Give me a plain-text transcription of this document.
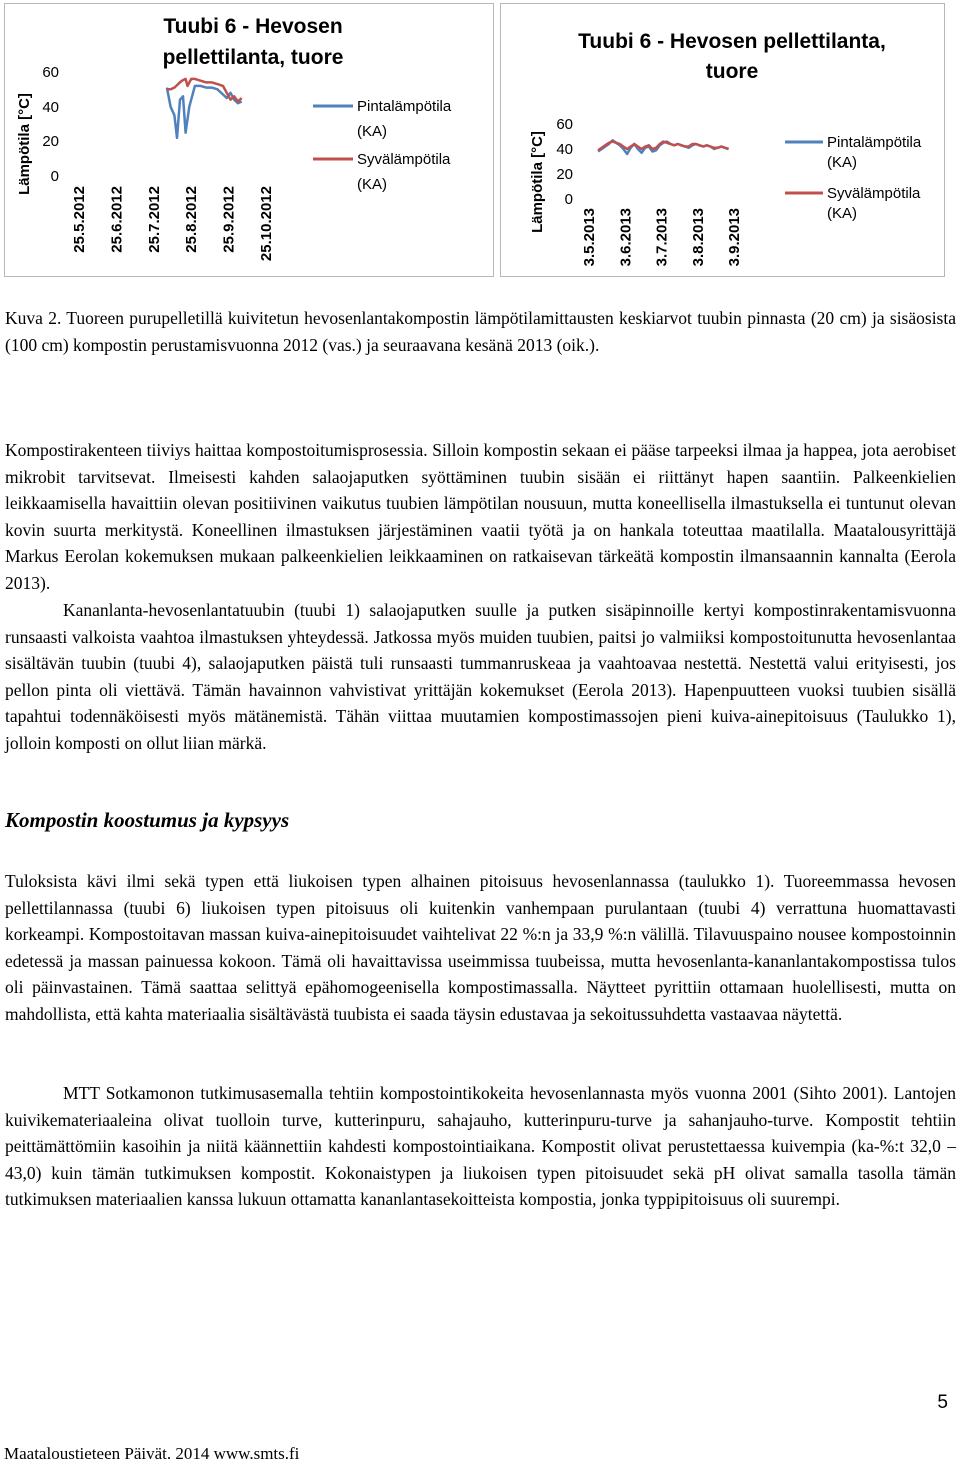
Tuubi 6 - Hevosen
pellettilanta, tuore
Lämpötila [°C]
60
40
20
0
25.5.2012 25.6.2012 25.7.2012 25.8.2012 25.9.2012 25.10.2012
Pintalämpötila
(KA)
Syvälämpötila
(KA)
Tuubi 6 - Hevosen pellettilanta,
tuore
Lämpötila [°C]
60
40
20
0
3.5.2013 3.6.2013 3.7.2013 3.8.2013 3.9.2013
Pintalämpötila
(KA)
Syvälämpötila
(KA)

Kuva 2. Tuoreen purupelletillä kuivitetun hevosenlantakompostin lämpötilamittausten keskiarvot tuubin pinnasta (20 cm) ja sisäosista (100 cm) kompostin perustamisvuonna 2012 (vas.) ja seuraavana kesänä 2013 (oik.).

Kompostirakenteen tiiviys haittaa kompostoitumisprosessia. Silloin kompostin sekaan ei pääse tarpeeksi ilmaa ja happea, jota aerobiset mikrobit tarvitsevat. Ilmeisesti kahden salaojaputken syöttäminen tuubin sisään ei riittänyt hapen saantiin. Palkeenkielien leikkaamisella havaittiin olevan positiivinen vaikutus tuubien lämpötilan nousuun, mutta koneellisella ilmastuksella ei tuntunut olevan kovin suurta merkitystä. Koneellinen ilmastuksen järjestäminen vaatii työtä ja on hankala toteuttaa maatilalla. Maatalousyrittäjä Markus Eerolan kokemuksen mukaan palkeenkielien leikkaaminen on ratkaisevan tärkeätä kompostin ilmansaannin kannalta (Eerola 2013).

Kananlanta-hevosenlantatuubin (tuubi 1) salaojaputken suulle ja putken sisäpinnoille kertyi kompostinrakentamisvuonna runsaasti valkoista vaahtoa ilmastuksen yhteydessä. Jatkossa myös muiden tuubien, paitsi jo valmiiksi kompostoitunutta hevosenlantaa sisältävän tuubin (tuubi 4), salaojaputken päistä tuli runsaasti tummanruskeaa ja vaahtoavaa nestettä. Nestettä valui erityisesti, jos pellon pinta oli viettävä. Tämän havainnon vahvistivat yrittäjän kokemukset (Eerola 2013). Hapenpuutteen vuoksi tuubien sisällä tapahtui todennäköisesti myös mätänemistä. Tähän viittaa muutamien kompostimassojen pieni kuiva-ainepitoisuus (Taulukko 1), jolloin komposti on ollut liian märkä.

Kompostin koostumus ja kypsyys

Tuloksista kävi ilmi sekä typen että liukoisen typen alhainen pitoisuus hevosenlannassa (taulukko 1). Tuoreemmassa hevosen pellettilannassa (tuubi 6) liukoisen typen pitoisuus oli kuitenkin vanhempaan purulantaan (tuubi 4) verrattuna huomattavasti korkeampi. Kompostoitavan massan kuiva-ainepitoisuudet vaihtelivat 22 %:n ja 33,9 %:n välillä. Tilavuuspaino nousee kompostoinnin edetessä ja massan painuessa kokoon. Tämä oli havaittavissa useimmissa tuubeissa, mutta hevosenlanta-kananlantakompostissa tulos oli päinvastainen. Tämä saattaa selittyä epähomogeenisella kompostimassalla. Näytteet pyrittiin ottamaan huolellisesti, mutta on mahdollista, että kahta materiaalia sisältävästä tuubista ei saada täysin edustavaa ja sekoitussuhdetta vastaavaa näytettä.

MTT Sotkamonon tutkimusasemalla tehtiin kompostointikokeita hevosenlannasta myös vuonna 2001 (Sihto 2001). Lantojen kuivikemateriaaleina olivat tuolloin turve, kutterinpuru, sahajauho, kutterinpuru-turve ja sahanjauho-turve. Kompostit tehtiin peittämättömiin kasoihin ja niitä käännettiin kahdesti kompostointiaikana. Kompostit olivat perustettaessa kuivempia (ka-%:t 32,0 – 43,0) kuin tämän tutkimuksen kompostit. Kokonaistypen ja liukoisen typen pitoisuudet sekä pH olivat samalla tasolla tämän tutkimuksen materiaalien kanssa lukuun ottamatta kananlantasekoitteista kompostia, jonka typpipitoisuus oli suurempi.

5
Maataloustieteen Päivät. 2014 www.smts.fi
